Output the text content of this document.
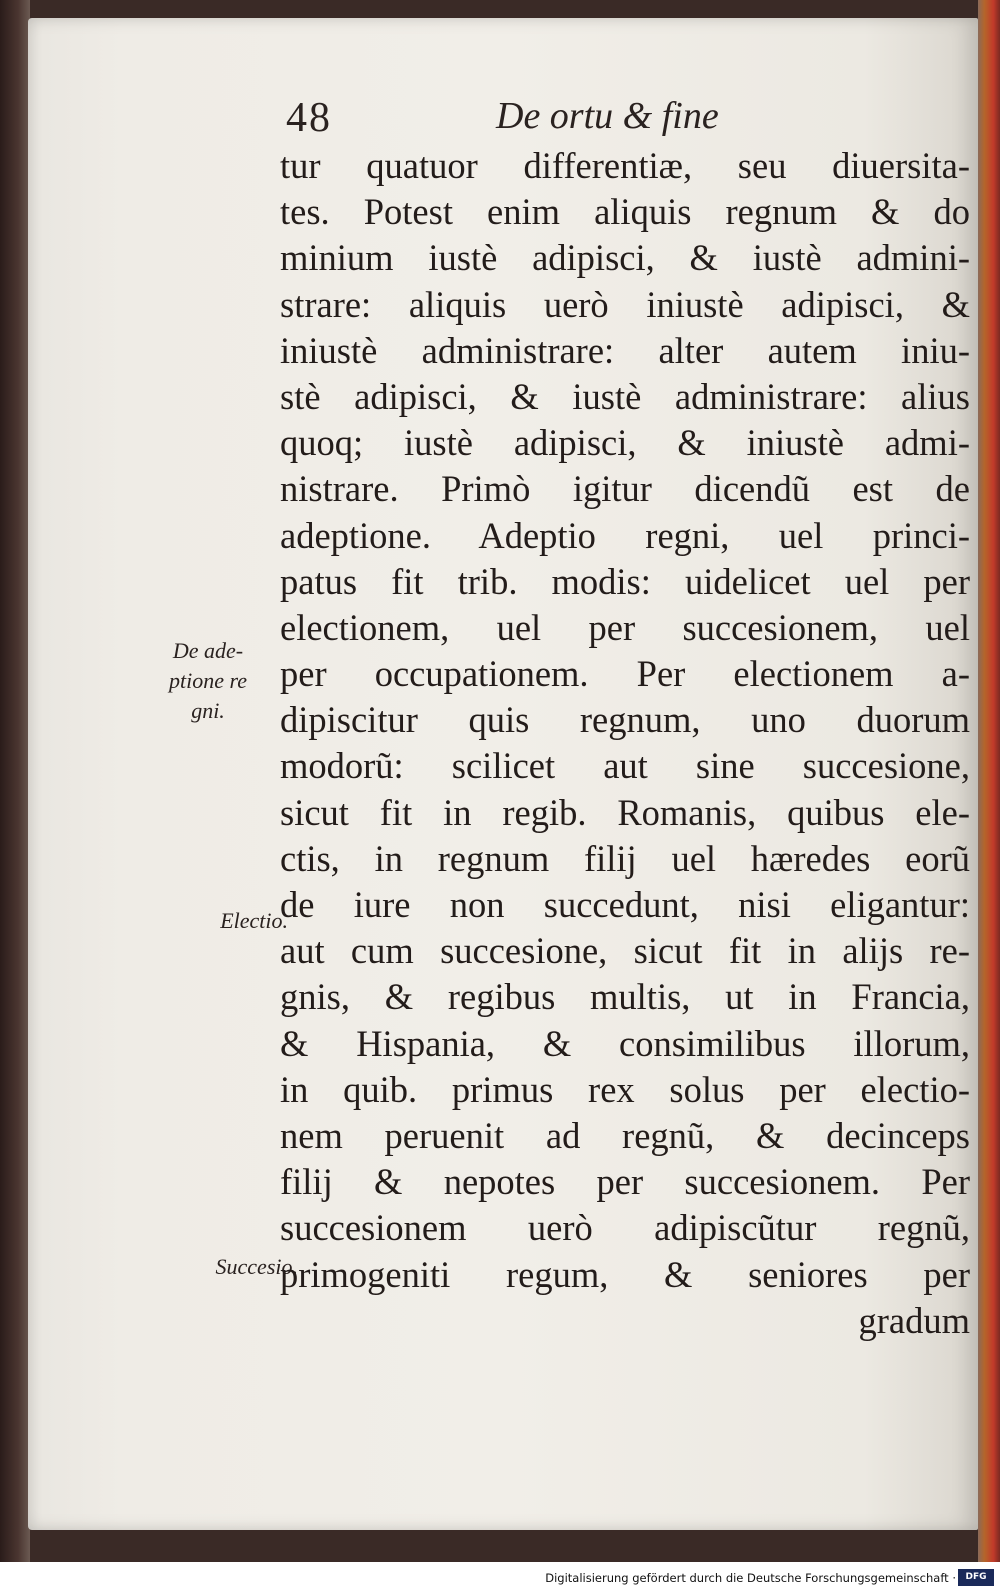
48	De ortu & fine
De ade-
ptione re
gni.
Electio.
Succesio.
tur quatuor differentiæ, seu diuersita-
tes. Potest enim aliquis regnum & do
minium iustè adipisci, & iustè admini-
strare: aliquis uerò iniustè adipisci, &
iniustè administrare: alter autem iniu-
stè adipisci, & iustè administrare: alius
quoq; iustè adipisci, & iniustè admi-
nistrare. Primò igitur dicendũ est de
adeptione. Adeptio regni, uel princi-
patus fit trib. modis: uidelicet uel per
electionem, uel per succesionem, uel
per occupationem. Per electionem a-
dipiscitur quis regnum, uno duorum
modorũ: scilicet aut sine succesione,
sicut fit in regib. Romanis, quibus ele-
ctis, in regnum filij uel hæredes eorũ
de iure non succedunt, nisi eligantur:
aut cum succesione, sicut fit in alijs re-
gnis, & regibus multis, ut in Francia,
& Hispania, & consimilibus illorum,
in quib. primus rex solus per electio-
nem peruenit ad regnũ, & decinceps
filij & nepotes per succesionem. Per
succesionem uerò adipiscũtur regnũ,
primogeniti regum, & seniores per
gradum
Digitalisierung gefördert durch die Deutsche Forschungsgemeinschaft ·	DFG
